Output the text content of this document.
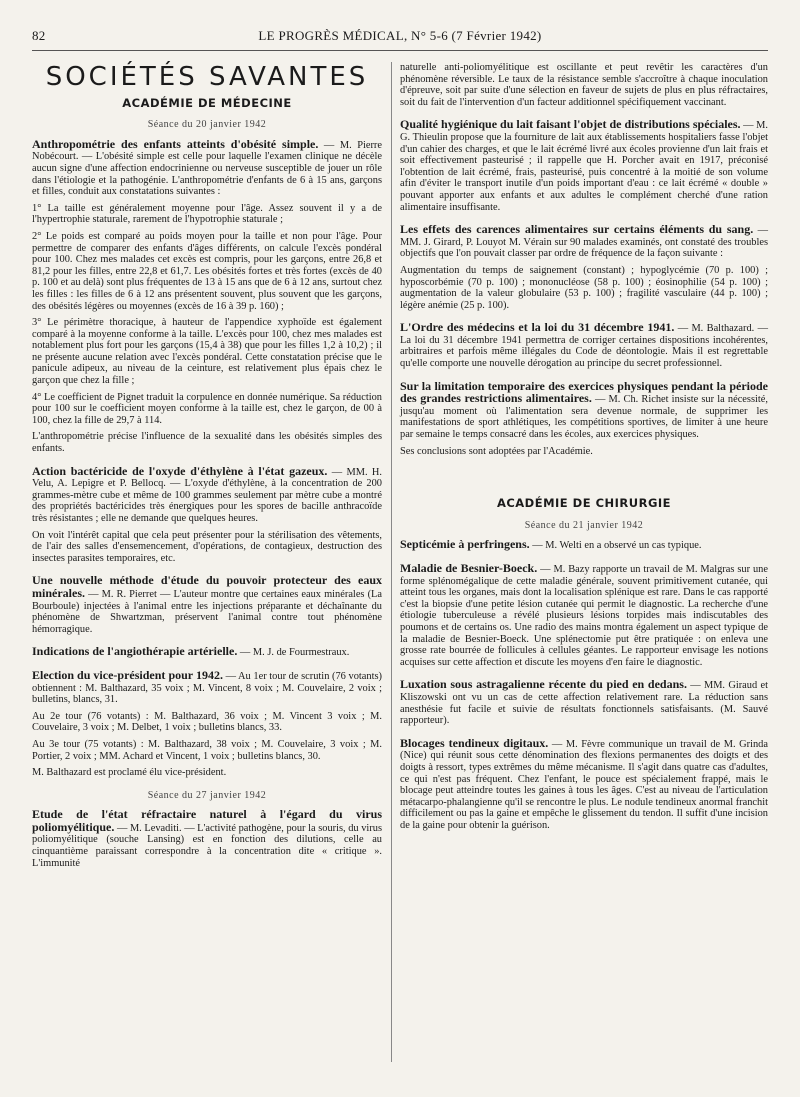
82	LE PROGRÈS MÉDICAL, N° 5-6 (7 Février 1942)
SOCIÉTÉS SAVANTES
ACADÉMIE DE MÉDECINE
Séance du 20 janvier 1942

Anthropométrie des enfants atteints d'obésité simple. — M. Pierre Nobécourt. — L'obésité simple est celle pour laquelle l'examen clinique ne décèle aucun signe d'une affection endocrinienne ou nerveuse susceptible de jouer un rôle dans l'étiologie et la pathogénie. L'anthropométrie d'enfants de 6 à 15 ans, garçons et filles, conduit aux constatations suivantes :

1° La taille est généralement moyenne pour l'âge. Assez souvent il y a de l'hypertrophie staturale, rarement de l'hypotrophie staturale ;

2° Le poids est comparé au poids moyen pour la taille et non pour l'âge. Pour permettre de comparer des enfants d'âges différents, on calcule l'excès pondéral pour 100. Chez mes malades cet excès est compris, pour les garçons, entre 26,8 et 81,2 pour les filles, entre 22,8 et 61,7. Les obésités fortes et très fortes (excès de 40 p. 100 et au delà) sont plus fréquentes de 13 à 15 ans que de 6 à 12 ans, surtout chez les filles : les filles de 6 à 12 ans présentent souvent, plus souvent que les garçons, des obésités légères ou moyennes (excès de 16 à 39 p. 160) ;

3° Le périmètre thoracique, à hauteur de l'appendice xyphoïde est également comparé à la moyenne conforme à la taille. L'excès pour 100, chez mes malades est notablement plus fort pour les garçons (15,4 à 38) que pour les filles 1,2 à 10,2) ; il ne présente aucune relation avec l'excès pondéral. Cette constatation précise que le panicule adipeux, au niveau de la ceinture, est relativement plus épais chez le garçon que chez la fille ;

4° Le coefficient de Pignet traduit la corpulence en donnée numérique. Sa réduction pour 100 sur le coefficient moyen conforme à la taille est, chez le garçon, de 00 à 100, chez la fille de 29,7 à 114.

L'anthropométrie précise l'influence de la sexualité dans les obésités simples des enfants.

Action bactéricide de l'oxyde d'éthylène à l'état gazeux. — MM. H. Velu, A. Lepigre et P. Bellocq. — L'oxyde d'éthylène, à la concentration de 200 grammes-mètre cube et même de 100 grammes seulement par mètre cube a montré des propriétés bactéricides très énergiques pour les spores de bacille anthracoïde très résistantes ; elle ne demande que quelques heures.

On voit l'intérêt capital que cela peut présenter pour la stérilisation des vêtements, de l'air des salles d'ensemencement, d'opérations, de contagieux, destruction des insectes parasites temporaires, etc.

Une nouvelle méthode d'étude du pouvoir protecteur des eaux minérales. — M. R. Pierret — L'auteur montre que certaines eaux minérales (La Bourboule) injectées à l'animal entre les injections préparante et déchaînante du phénomène de Shwartzman, préservent l'animal contre tout phénomène hémorragique.

Indications de l'angiothérapie artérielle. — M. J. de Fourmestraux.

Election du vice-président pour 1942. — Au 1er tour de scrutin (76 votants) obtiennent : M. Balthazard, 35 voix ; M. Vincent, 8 voix ; M. Couvelaire, 2 voix ; bulletins, blancs, 31.

Au 2e tour (76 votants) : M. Balthazard, 36 voix ; M. Vincent 3 voix ; M. Couvelaire, 3 voix ; M. Delbet, 1 voix ; bulletins blancs, 33.

Au 3e tour (75 votants) : M. Balthazard, 38 voix ; M. Couvelaire, 3 voix ; M. Portier, 2 voix ; MM. Achard et Vincent, 1 voix ; bulletins blancs, 30.

M. Balthazard est proclamé élu vice-président.

Séance du 27 janvier 1942

Etude de l'état réfractaire naturel à l'égard du virus poliomyélitique. — M. Levaditi. — L'activité pathogène, pour la souris, du virus poliomyélitique (souche Lansing) est en fonction des dilutions, celle au cinquantième paraissant correspondre à la concentration dite « critique ». L'immunité

naturelle anti-poliomyélitique est oscillante et peut revêtir les caractères d'un phénomène réversible. Le taux de la résistance semble s'accroître à chaque inoculation d'épreuve, soit par suite d'une sélection en faveur de sujets de plus en plus réfractaires, soit du fait de l'intervention d'un facteur additionnel spécifiquement vaccinant.

Qualité hygiénique du lait faisant l'objet de distributions spéciales. — M. G. Thieulin propose que la fourniture de lait aux établissements hospitaliers fasse l'objet d'un cahier des charges, et que le lait écrémé livré aux écoles provienne d'un lait frais et soit effectivement pasteurisé ; il rappelle que H. Porcher avait en 1917, préconisé l'obtention de lait écrémé, frais, pasteurisé, puis concentré à la moitié de son volume afin d'éviter le transport inutile d'un poids important d'eau : ce lait écrémé « double » pouvant apporter aux enfants et aux adultes le complément cherché d'une ration alimentaire insuffisante.

Les effets des carences alimentaires sur certains éléments du sang. — MM. J. Girard, P. Louyot M. Vérain sur 90 malades examinés, ont constaté des troubles objectifs que l'on pouvait classer par ordre de fréquence de la façon suivante :

Augmentation du temps de saignement (constant) ; hypoglycémie (70 p. 100) ; hyposcorbémie (70 p. 100) ; mononucléose (58 p. 100) ; éosinophilie (54 p. 100) ; augmentation de la valeur globulaire (53 p. 100) ; fragilité vasculaire (44 p. 100) ; légère anémie (25 p. 100).

L'Ordre des médecins et la loi du 31 décembre 1941. — M. Balthazard. — La loi du 31 décembre 1941 permettra de corriger certaines dispositions incohérentes, arbitraires et parfois même illégales du Code de déontologie. Mais il est regrettable qu'elle comporte une nouvelle dérogation au principe du secret professionnel.

Sur la limitation temporaire des exercices physiques pendant la période des grandes restrictions alimentaires. — M. Ch. Richet insiste sur la nécessité, jusqu'au moment où l'alimentation sera devenue normale, de supprimer les manifestations de sport athlétiques, les compétitions sportives, de limiter à une heure par semaine le temps consacré dans les écoles, aux exercices physiques.

Ses conclusions sont adoptées par l'Académie.

ACADÉMIE DE CHIRURGIE
Séance du 21 janvier 1942

Septicémie à perfringens. — M. Welti en a observé un cas typique.

Maladie de Besnier-Boeck. — M. Bazy rapporte un travail de M. Malgras sur une forme splénomégalique de cette maladie générale, souvent primitivement cutanée, qui atteint tous les organes, mais dont la localisation splénique est rare. Dans le cas rapporté c'est la biopsie d'une petite lésion cutanée qui permit le diagnostic. La recherche d'une étiologie tuberculeuse a révélé plusieurs lésions torpides mais indiscutables des poumons et de certains os. Une radio des mains montra également un aspect typique de la maladie de Besnier-Boeck. Une splénectomie put être pratiquée : on enleva une grosse rate bourrée de follicules à cellules géantes. Le rapporteur envisage les notions acquises sur cette affection et discute les moyens d'en faire le diagnostic.

Luxation sous astragalienne récente du pied en dedans. — MM. Giraud et Kliszowski ont vu un cas de cette affection relativement rare. La réduction sans anesthésie fut facile et suivie de résultats fonctionnels satisfaisants. (M. Sauvé rapporteur).

Blocages tendineux digitaux. — M. Fèvre communique un travail de M. Grinda (Nice) qui réunit sous cette dénomination des flexions permanentes des doigts et des doigts à ressort, types extrêmes du même mécanisme. Il s'agit dans quatre cas d'adultes, ce qui n'est pas fréquent. Chez l'enfant, le pouce est spécialement frappé, mais le blocage peut atteindre toutes les gaines à tous les âges. C'est au niveau de l'articulation métacarpo-phalangienne qu'il se rencontre le plus. Le nodule tendineux anormal franchit difficilement ou pas la gaine et empêche le glissement du tendon. Il suffit d'une incision de la gaine pour obtenir la guérison.
